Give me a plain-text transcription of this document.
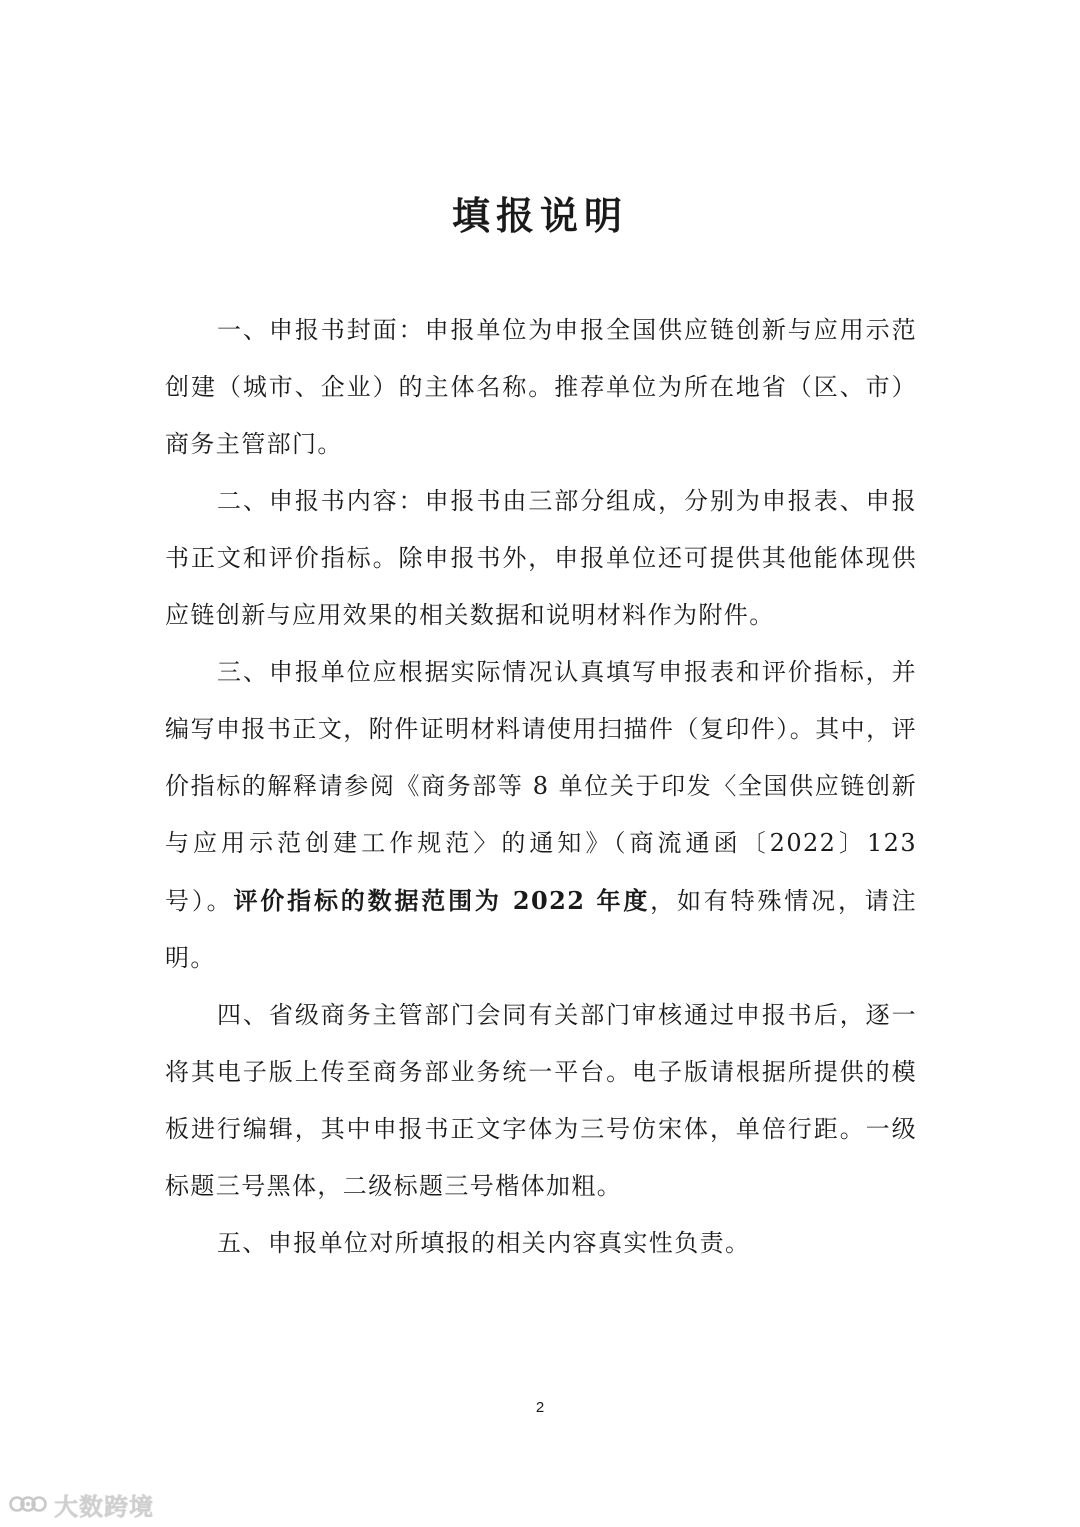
填报说明

一、申报书封面：申报单位为申报全国供应链创新与应用示范创建（城市、企业）的主体名称。推荐单位为所在地省（区、市）商务主管部门。

二、申报书内容：申报书由三部分组成，分别为申报表、申报书正文和评价指标。除申报书外，申报单位还可提供其他能体现供应链创新与应用效果的相关数据和说明材料作为附件。

三、申报单位应根据实际情况认真填写申报表和评价指标，并编写申报书正文，附件证明材料请使用扫描件（复印件）。其中，评价指标的解释请参阅《商务部等 8 单位关于印发〈全国供应链创新与应用示范创建工作规范〉的通知》（商流通函〔2022〕123 号）。评价指标的数据范围为 2022 年度，如有特殊情况，请注明。

四、省级商务主管部门会同有关部门审核通过申报书后，逐一将其电子版上传至商务部业务统一平台。电子版请根据所提供的模板进行编辑，其中申报书正文字体为三号仿宋体，单倍行距。一级标题三号黑体，二级标题三号楷体加粗。

五、申报单位对所填报的相关内容真实性负责。

2
大数跨境
